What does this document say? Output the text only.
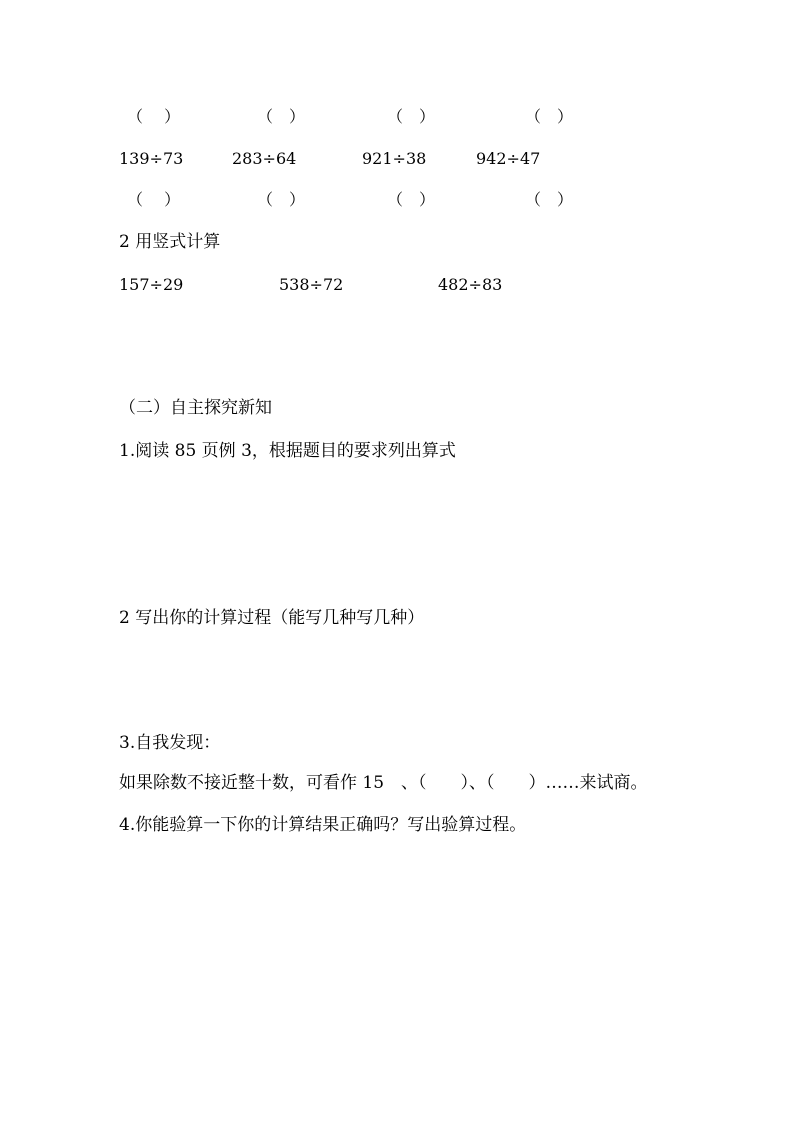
（　 ）	（　）	（　）	（　）
139÷73	283÷64	921÷38	942÷47
（　 ）	（　）	（　）	（　）
2 用竖式计算
157÷29	538÷72	482÷83
（二）自主探究新知
1.阅读 85 页例 3，根据题目的要求列出算式
2 写出你的计算过程（能写几种写几种）
3.自我发现：
如果除数不接近整十数，可看作 15　、（　　）、（　　）……来试商。
4.你能验算一下你的计算结果正确吗？写出验算过程。
